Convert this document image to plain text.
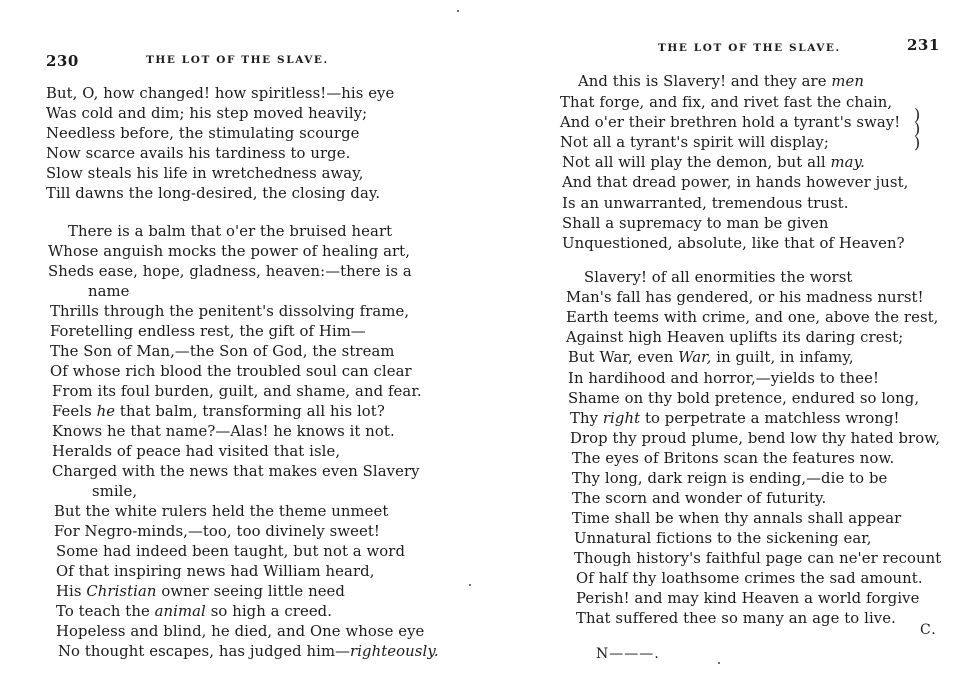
230	THE LOT OF THE SLAVE.
But, O, how changed! how spiritless!—his eye
Was cold and dim; his step moved heavily;
Needless before, the stimulating scourge
Now scarce avails his tardiness to urge.
Slow steals his life in wretchedness away,
Till dawns the long-desired, the closing day.
There is a balm that o'er the bruised heart
Whose anguish mocks the power of healing art,
Sheds ease, hope, gladness, heaven:—there is a
name
Thrills through the penitent's dissolving frame,
Foretelling endless rest, the gift of Him—
The Son of Man,—the Son of God, the stream
Of whose rich blood the troubled soul can clear
From its foul burden, guilt, and shame, and fear.
Feels he that balm, transforming all his lot?
Knows he that name?—Alas! he knows it not.
Heralds of peace had visited that isle,
Charged with the news that makes even Slavery
smile,
But the white rulers held the theme unmeet
For Negro-minds,—too, too divinely sweet!
Some had indeed been taught, but not a word
Of that inspiring news had William heard,
His Christian owner seeing little need
To teach the animal so high a creed.
Hopeless and blind, he died, and One whose eye
No thought escapes, has judged him—righteously.
THE LOT OF THE SLAVE.	231
And this is Slavery! and they are men
That forge, and fix, and rivet fast the chain,
And o'er their brethren hold a tyrant's sway!
Not all a tyrant's spirit will display;
Not all will play the demon, but all may.
And that dread power, in hands however just,
Is an unwarranted, tremendous trust.
Shall a supremacy to man be given
Unquestioned, absolute, like that of Heaven?
Slavery! of all enormities the worst
Man's fall has gendered, or his madness nurst!
Earth teems with crime, and one, above the rest,
Against high Heaven uplifts its daring crest;
But War, even War, in guilt, in infamy,
In hardihood and horror,—yields to thee!
Shame on thy bold pretence, endured so long,
Thy right to perpetrate a matchless wrong!
Drop thy proud plume, bend low thy hated brow,
The eyes of Britons scan the features now.
Thy long, dark reign is ending,—die to be
The scorn and wonder of futurity.
Time shall be when thy annals shall appear
Unnatural fictions to the sickening ear,
Though history's faithful page can ne'er recount
Of half thy loathsome crimes the sad amount.
Perish! and may kind Heaven a world forgive
That suffered thee so many an age to live.
)
)
)
C.
N———.
